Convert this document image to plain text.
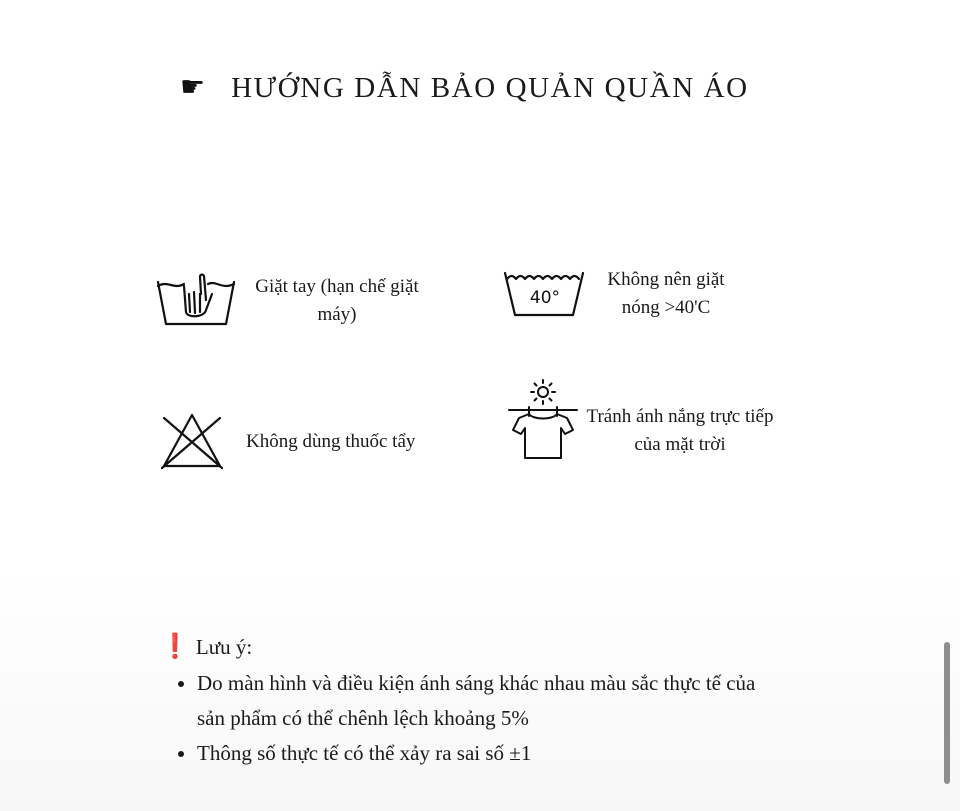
☛ HƯỚNG DẪN BẢO QUẢN QUẦN ÁO
Giặt tay (hạn chế giặt máy)
40°
Không nên giặt nóng >40'C
Không dùng thuốc tẩy
Tránh ánh nắng trực tiếp của mặt trời
❗ Lưu ý:
• Do màn hình và điều kiện ánh sáng khác nhau màu sắc thực tế của sản phẩm có thể chênh lệch khoảng 5%
• Thông số thực tế có thể xảy ra sai số ±1
